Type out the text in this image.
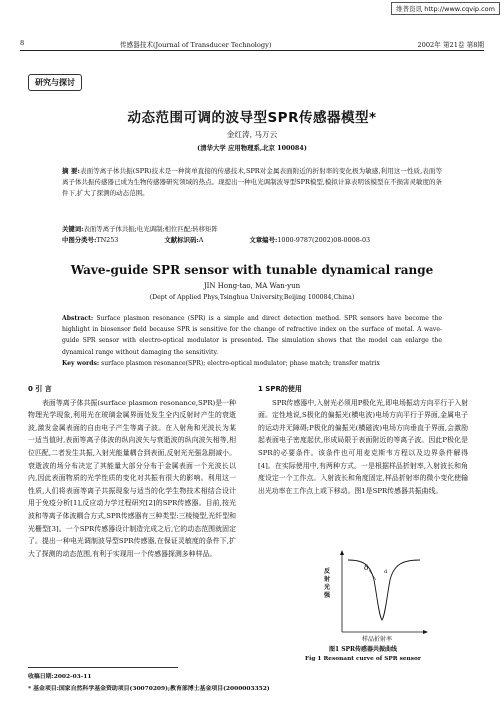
维普资讯 http://www.cqvip.com
8	传感器技术(Journal of Transducer Technology)	2002年 第21卷 第8期
研究与探讨
动态范围可调的波导型SPR传感器模型*
金红涛, 马万云
(清华大学 应用物理系,北京 100084)
摘 要:表面等离子体共振(SPR)技术是一种简单直接的传感技术,SPR对金属表面附近的折射率的变化极为敏感,利用这一性质,表面等离子体共振传感器已成为生物传感器研究领域的热点。现提出一种电光调制波导型SPR模型,模拟计算表明该模型在不损害灵敏度的条件下,扩大了探测的动态范围。
关键词:表面等离子体共振;电光调制;相位匹配;转移矩阵
中图分类号:TN253	文献标识码:A	文章编号:1000-9787(2002)08-0008-03
Wave-guide SPR sensor with tunable dynamical range
JIN Hong-tao, MA Wan-yun
(Dept of Applied Phys,Tsinghua University,Beijing 100084,China)
Abstract: Surface plasmon resonance (SPR) is a simple and direct detection method. SPR sensors have become the highlight in biosensor field because SPR is sensitive for the change of refractive index on the surface of metal. A wave-guide SPR sensor with electro-optical modulator is presented. The simulation shows that the model can enlarge the dynamical range without damaging the sensitivity.
Key words: surface plasmon resonance(SPR); electro-optical modulator; phase match; transfer matrix
0 引 言

表面等离子体共振(surface plasmon resonance,SPR)是一种物理光学现象,利用光在玻璃金属界面处发生全内反射时产生的衰逝波,激发金属表面的自由电子产生等离子波。在入射角和光波长为某一适当值时,表面等离子体波的纵向波矢与衰逝波的纵向波矢相等,相位匹配,二者发生共振,入射光能量耦合到表面,反射光光强急剧减小。衰逝波的场分布决定了其能量大部分分布于金属表面一个光波长以内,因此表面物质的光学性质的变化对共振有很大的影响。利用这一性质,人们将表面等离子共振现象与适当的化学生物技术相结合设计用于免疫分析[1],反应动力学过程研究[2]的SPR传感器。目前,按光波和等离子体波耦合方式,SPR传感器有三种类型:三棱镜型,光纤型和光栅型[3]。一个SPR传感器设计制造完成之后,它的动态范围就固定了。提出一种电光调制波导型SPR传感器,在保证灵敏度的条件下,扩大了探测的动态范围,有利于实现用一个传感器探测多种样品。

1 SPR的使用

SPR传感器中,入射光必须用P极化光,即电场振动方向平行于入射面。定性地说,S极化的偏振光(横电波)电场方向平行于界面,金属电子的运动并无障碍;P极化的偏振光(横磁波)电场方向垂直于界面,会激励起表面电子密度起伏,形成局限于表面附近的等离子波。因此P极化是SPR的必要条件。该条件也可用麦克斯韦方程以及边界条件解得[4]。在实际使用中,有两种方式。一是根据样品折射率,入射波长和角度设定一个工作点。入射波长和角度固定,样品折射率的微小变化使输出光功率在工作点上或下移动。图1是SPR传感器共振曲线。

δ	d
反射光强
样品折射率
图1 SPR传感器共振曲线
Fig 1 Resonant curve of SPR sensor
收稿日期:2002-03-11
* 基金项目:国家自然科学基金资助项目(30070209);教育部博士基金项目(2000003352)
